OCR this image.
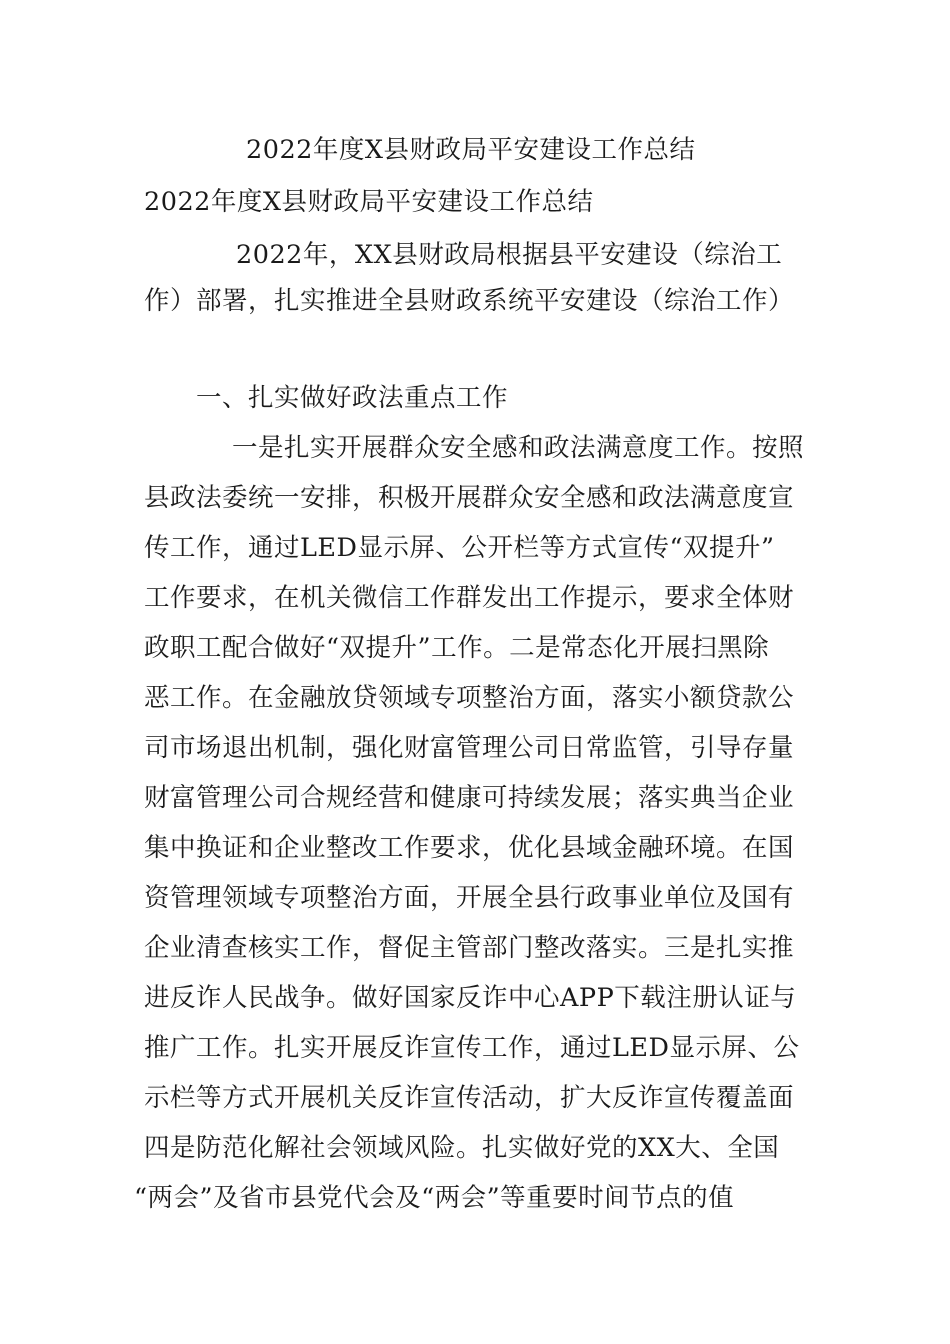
2022年度X县财政局平安建设工作总结
2022年度X县财政局平安建设工作总结
2022年，XX县财政局根据县平安建设（综治工
作）部署，扎实推进全县财政系统平安建设（综治工作）
一、扎实做好政法重点工作
一是扎实开展群众安全感和政法满意度工作。按照
县政法委统一安排，积极开展群众安全感和政法满意度宣
传工作，通过LED显示屏、公开栏等方式宣传“双提升”
工作要求，在机关微信工作群发出工作提示，要求全体财
政职工配合做好“双提升”工作。二是常态化开展扫黑除
恶工作。在金融放贷领域专项整治方面，落实小额贷款公
司市场退出机制，强化财富管理公司日常监管，引导存量
财富管理公司合规经营和健康可持续发展；落实典当企业
集中换证和企业整改工作要求，优化县域金融环境。在国
资管理领域专项整治方面，开展全县行政事业单位及国有
企业清查核实工作，督促主管部门整改落实。三是扎实推
进反诈人民战争。做好国家反诈中心APP下载注册认证与
推广工作。扎实开展反诈宣传工作，通过LED显示屏、公
示栏等方式开展机关反诈宣传活动，扩大反诈宣传覆盖面
四是防范化解社会领域风险。扎实做好党的XX大、全国
“两会”及省市县党代会及“两会”等重要时间节点的值
